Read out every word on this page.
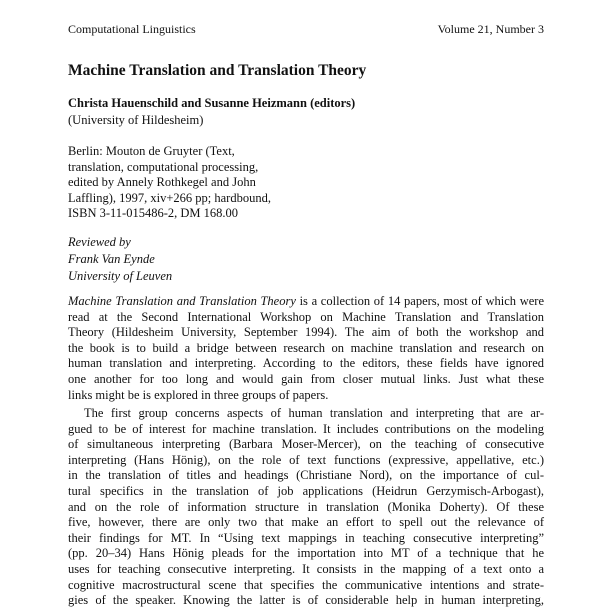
Computational Linguistics	Volume 21, Number 3
Machine Translation and Translation Theory
Christa Hauenschild and Susanne Heizmann (editors)
(University of Hildesheim)
Berlin: Mouton de Gruyter (Text,
translation, computational processing,
edited by Annely Rothkegel and John
Laffling), 1997, xiv+266 pp; hardbound,
ISBN 3-11-015486-2, DM 168.00
Reviewed by
Frank Van Eynde
University of Leuven
Machine Translation and Translation Theory is a collection of 14 papers, most of which were
read at the Second International Workshop on Machine Translation and Translation
Theory (Hildesheim University, September 1994). The aim of both the workshop and
the book is to build a bridge between research on machine translation and research on
human translation and interpreting. According to the editors, these fields have ignored
one another for too long and would gain from closer mutual links. Just what these
links might be is explored in three groups of papers.
The first group concerns aspects of human translation and interpreting that are ar-
gued to be of interest for machine translation. It includes contributions on the modeling
of simultaneous interpreting (Barbara Moser-Mercer), on the teaching of consecutive
interpreting (Hans Hönig), on the role of text functions (expressive, appellative, etc.)
in the translation of titles and headings (Christiane Nord), on the importance of cul-
tural specifics in the translation of job applications (Heidrun Gerzymisch-Arbogast),
and on the role of information structure in translation (Monika Doherty). Of these
five, however, there are only two that make an effort to spell out the relevance of
their findings for MT. In “Using text mappings in teaching consecutive interpreting”
(pp. 20–34) Hans Hönig pleads for the importation into MT of a technique that he
uses for teaching consecutive interpreting. It consists in the mapping of a text onto a
cognitive macrostructural scene that specifies the communicative intentions and strate-
gies of the speaker. Knowing the latter is of considerable help in human interpreting,
